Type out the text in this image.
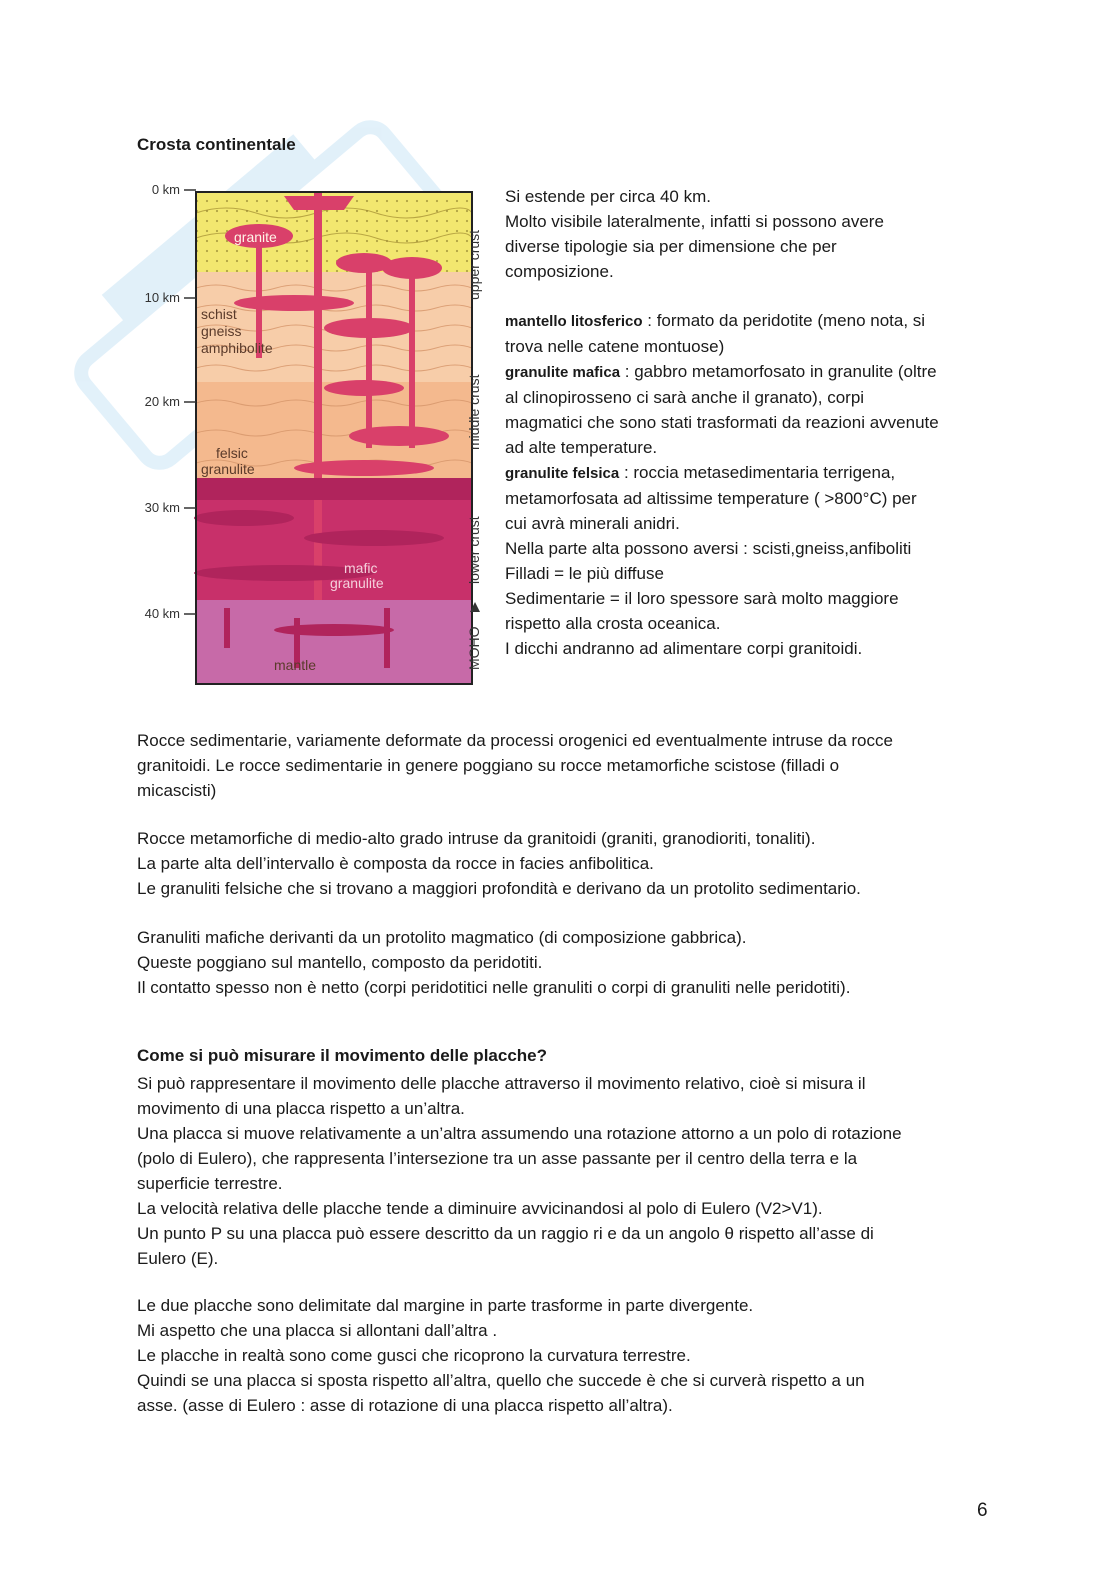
Crosta continentale
0 km
10 km
20 km
30 km
40 km
granite
schist
gneiss
amphibolite
felsic
granulite
mafic
granulite
mantle
upper crust
middle crust
lower crust
MOHO

Si estende per circa 40 km.

Molto visibile lateralmente, infatti si possono avere

diverse tipologie sia per dimensione che per

composizione.

mantello litosferico : formato da peridotite (meno nota, si

trova nelle catene montuose)

granulite mafica : gabbro metamorfosato in granulite (oltre

al clinopirosseno ci sarà anche il granato), corpi

magmatici che sono stati trasformati da reazioni avvenute

ad alte temperature.

granulite felsica : roccia metasedimentaria terrigena,

metamorfosata ad altissime temperature ( >800°C) per

cui avrà minerali anidri.

Nella parte alta possono aversi : scisti,gneiss,anfiboliti

Filladi = le più diffuse

Sedimentarie = il loro spessore sarà molto maggiore

rispetto alla crosta oceanica.

I dicchi andranno ad alimentare corpi granitoidi.

Rocce sedimentarie, variamente deformate da processi orogenici ed eventualmente intruse da rocce

granitoidi. Le rocce sedimentarie in genere poggiano su rocce metamorfiche scistose (filladi o

micascisti)

Rocce metamorfiche di medio-alto grado intruse da granitoidi (graniti, granodioriti, tonaliti).

La parte alta dell’intervallo è composta da rocce in facies anfibolitica.

Le granuliti felsiche che si trovano a maggiori profondità e derivano da un protolito sedimentario.

Granuliti mafiche derivanti da un protolito magmatico (di composizione gabbrica).

Queste poggiano sul mantello, composto da peridotiti.

Il contatto spesso non è netto (corpi peridotitici nelle granuliti o corpi di granuliti nelle peridotiti).

Come si può misurare il movimento delle placche?

Si può rappresentare il movimento delle placche attraverso il movimento relativo, cioè si misura il

movimento di una placca rispetto a un’altra.

Una placca si muove relativamente a un’altra assumendo una rotazione attorno a un polo di rotazione

(polo di Eulero), che rappresenta l’intersezione tra un asse passante per il centro della terra e la

superficie terrestre.

La velocità relativa delle placche tende a diminuire avvicinandosi al polo di Eulero (V2>V1).

Un punto P su una placca può essere descritto da un raggio ri e da un angolo θ rispetto all’asse di

Eulero (E).

Le due placche sono delimitate dal margine in parte trasforme in parte divergente.

Mi aspetto che una placca si allontani dall’altra .

Le placche in realtà sono come gusci che ricoprono la curvatura terrestre.

Quindi se una placca si sposta rispetto all’altra, quello che succede è che si curverà rispetto a un

asse. (asse di Eulero : asse di rotazione di una placca rispetto all’altra).

6
